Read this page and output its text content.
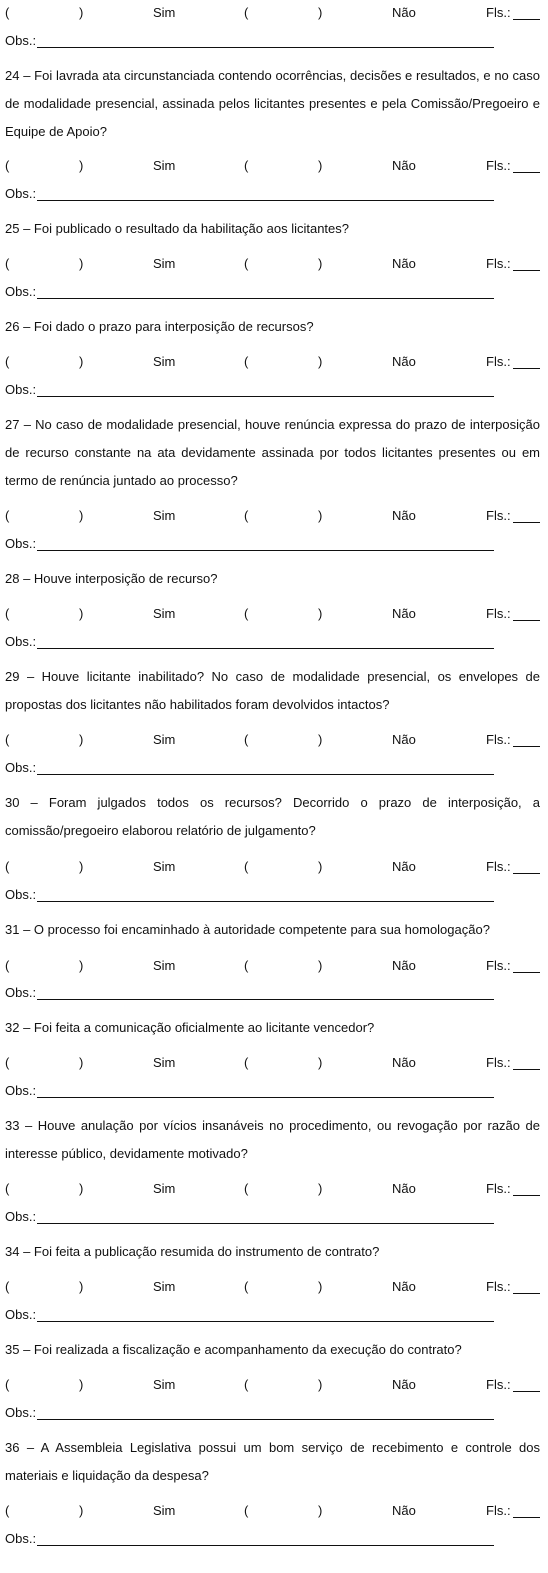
(	)	Sim	(	)	Não	Fls.:
Obs.:
24 – Foi lavrada ata circunstanciada contendo ocorrências, decisões e resultados, e no caso de modalidade presencial, assinada pelos licitantes presentes e pela Comissão/Pregoeiro e Equipe de Apoio?
(	)	Sim	(	)	Não	Fls.:
Obs.:
25 – Foi publicado o resultado da habilitação aos licitantes?
(	)	Sim	(	)	Não	Fls.:
Obs.:
26 – Foi dado o prazo para interposição de recursos?
(	)	Sim	(	)	Não	Fls.:
Obs.:
27 – No caso de modalidade presencial, houve renúncia expressa do prazo de interposição de recurso constante na ata devidamente assinada por todos licitantes presentes ou em termo de renúncia juntado ao processo?
(	)	Sim	(	)	Não	Fls.:
Obs.:
28 – Houve interposição de recurso?
(	)	Sim	(	)	Não	Fls.:
Obs.:
29 – Houve licitante inabilitado? No caso de modalidade presencial, os envelopes de propostas dos licitantes não habilitados foram devolvidos intactos?
(	)	Sim	(	)	Não	Fls.:
Obs.:
30 – Foram julgados todos os recursos? Decorrido o prazo de interposição, a comissão/pregoeiro elaborou relatório de julgamento?
(	)	Sim	(	)	Não	Fls.:
Obs.:
31 – O processo foi encaminhado à autoridade competente para sua homologação?
(	)	Sim	(	)	Não	Fls.:
Obs.:
32 – Foi feita a comunicação oficialmente ao licitante vencedor?
(	)	Sim	(	)	Não	Fls.:
Obs.:
33 – Houve anulação por vícios insanáveis no procedimento, ou revogação por razão de interesse público, devidamente motivado?
(	)	Sim	(	)	Não	Fls.:
Obs.:
34 – Foi feita a publicação resumida do instrumento de contrato?
(	)	Sim	(	)	Não	Fls.:
Obs.:
35 – Foi realizada a fiscalização e acompanhamento da execução do contrato?
(	)	Sim	(	)	Não	Fls.:
Obs.:
36 – A Assembleia Legislativa possui um bom serviço de recebimento e controle dos materiais e liquidação da despesa?
(	)	Sim	(	)	Não	Fls.:
Obs.:
